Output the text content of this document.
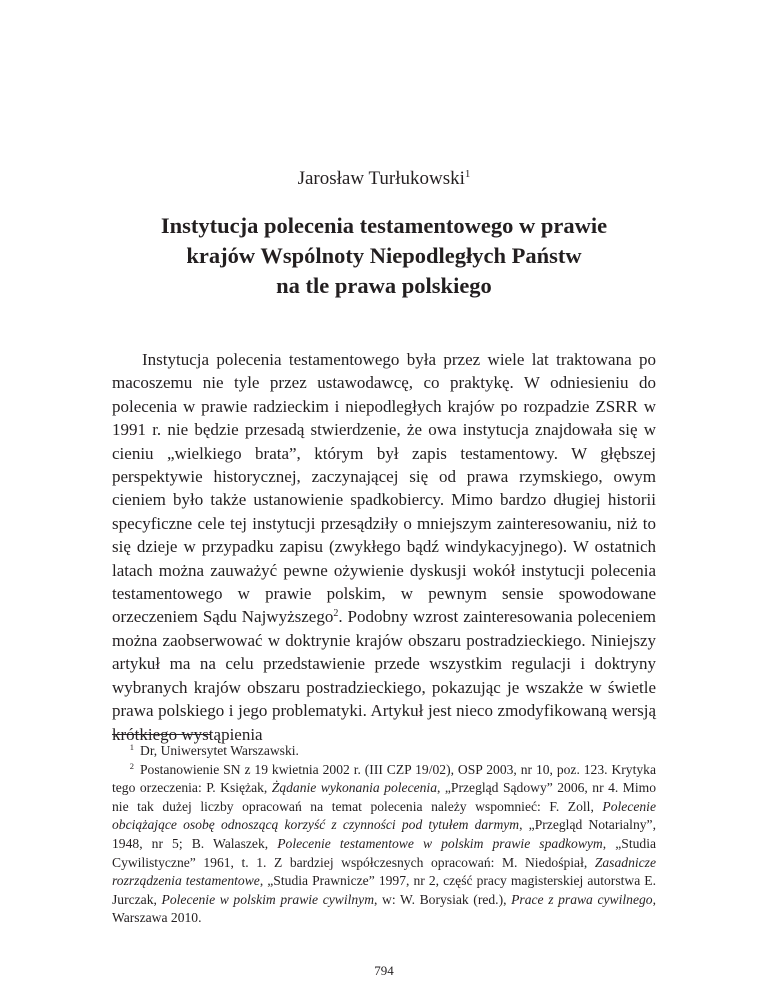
Jarosław Turłukowski$^1$
Instytucja polecenia testamentowego w prawie
krajów Wspólnoty Niepodległych Państw
na tle prawa polskiego

Instytucja polecenia testamentowego była przez wiele lat traktowana po macoszemu nie tyle przez ustawodawcę, co praktykę. W odniesieniu do polecenia w prawie radzieckim i niepodległych krajów po rozpadzie ZSRR w 1991 r. nie będzie przesadą stwierdzenie, że owa instytucja znajdowała się w cieniu „wielkiego brata”, którym był zapis testamentowy. W głębszej perspektywie historycznej, zaczynającej się od prawa rzymskiego, owym cieniem było także ustanowienie spadkobiercy. Mimo bardzo długiej historii specyficzne cele tej instytucji przesądziły o mniejszym zainteresowaniu, niż to się dzieje w przypadku zapisu (zwykłego bądź windykacyjnego). W ostatnich latach można zauważyć pewne ożywienie dyskusji wokół instytucji polecenia testamentowego w prawie polskim, w pewnym sensie spowodowane orzeczeniem Sądu Najwyższego$^2$. Podobny wzrost zainteresowania poleceniem można zaobserwować w doktrynie krajów obszaru postradzieckiego. Niniejszy artykuł ma na celu przedstawienie przede wszystkim regulacji i doktryny wybranych krajów obszaru postradzieckiego, pokazując je wszakże w świetle prawa polskiego i jego problematyki. Artykuł jest nieco zmodyfikowaną wersją krótkiego wystąpienia

1 Dr, Uniwersytet Warszawski.

2 Postanowienie SN z 19 kwietnia 2002 r. (III CZP 19/02), OSP 2003, nr 10, poz. 123. Krytyka tego orzeczenia: P. Księżak, Żądanie wykonania polecenia, „Przegląd Sądowy” 2006, nr 4. Mimo nie tak dużej liczby opracowań na temat polecenia należy wspomnieć: F. Zoll, Polecenie obciążające osobę odnoszącą korzyść z czynności pod tytułem darmym, „Przegląd Notarialny”, 1948, nr 5; B. Walaszek, Polecenie testamentowe w polskim prawie spadkowym, „Studia Cywilistyczne” 1961, t. 1. Z bardziej współczesnych opracowań: M. Niedośpiał, Zasadnicze rozrządzenia testamentowe, „Studia Prawnicze” 1997, nr 2, część pracy magisterskiej autorstwa E. Jurczak, Polecenie w polskim prawie cywilnym, w: W. Borysiak (red.), Prace z prawa cywilnego, Warszawa 2010.

794
